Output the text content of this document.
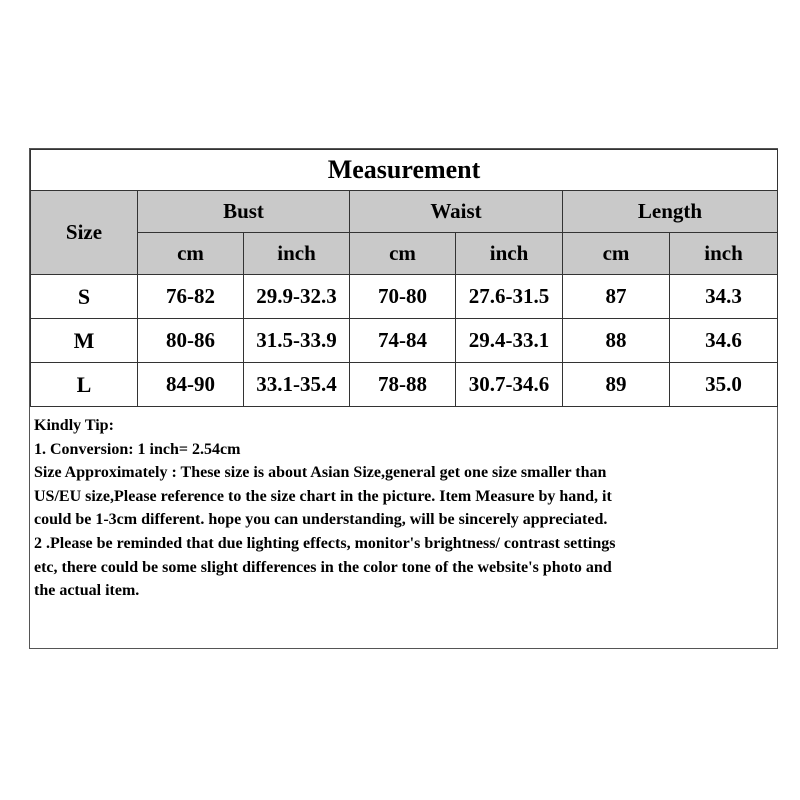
Measurement						
Size	Bust		Waist		Length	
	cm	inch	cm	inch	cm	inch
S	76-82	29.9-32.3	70-80	27.6-31.5	87	34.3
M	80-86	31.5-33.9	74-84	29.4-33.1	88	34.6
L	84-90	33.1-35.4	78-88	30.7-34.6	89	35.0
Kindly Tip:
1. Conversion: 1 inch= 2.54cm
Size Approximately : These size is about Asian Size,general get one size smaller than
US/EU size,Please reference to the size chart in the picture. Item Measure by hand, it
could be 1-3cm different. hope you can understanding, will be sincerely appreciated.
2 .Please be reminded that due lighting effects, monitor's brightness/ contrast settings
etc, there could be some slight differences in the color tone of the website's photo and
the actual item.
